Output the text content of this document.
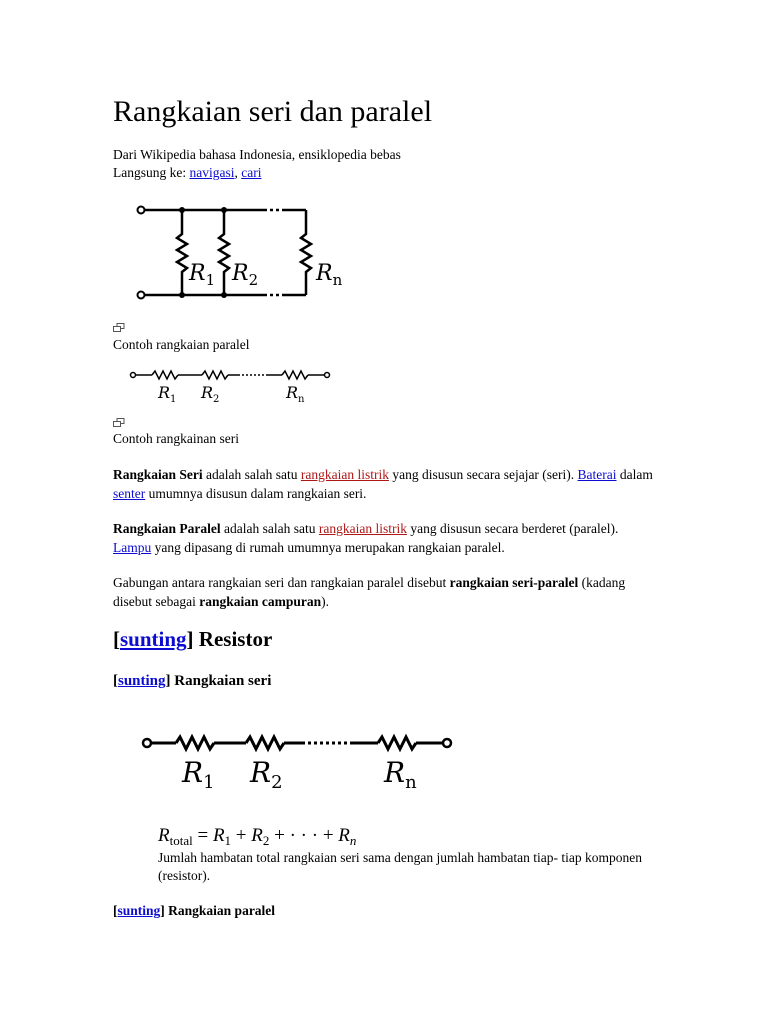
Rangkaian seri dan paralel
Dari Wikipedia bahasa Indonesia, ensiklopedia bebas
Langsung ke: navigasi, cari
$R_1$ $R_2$	$R_n$
Contoh rangkaian paralel
$R_1$ $R_2$	$R_n$
Contoh rangkainan seri

Rangkaian Seri adalah salah satu rangkaian listrik yang disusun secara sejajar (seri). Baterai dalam senter umumnya disusun dalam rangkaian seri.

Rangkaian Paralel adalah salah satu rangkaian listrik yang disusun secara berderet (paralel). Lampu yang dipasang di rumah umumnya merupakan rangkaian paralel.

Gabungan antara rangkaian seri dan rangkaian paralel disebut rangkaian seri-paralel (kadang disebut sebagai rangkaian campuran).

[sunting] Resistor
[sunting] Rangkaian seri
$R_1$ $R_2$	$R_n$
$R_{total} = R_1 + R_2$ + · · · + $R_n$
Jumlah hambatan total rangkaian seri sama dengan jumlah hambatan tiap- tiap komponen (resistor).
[sunting] Rangkaian paralel
